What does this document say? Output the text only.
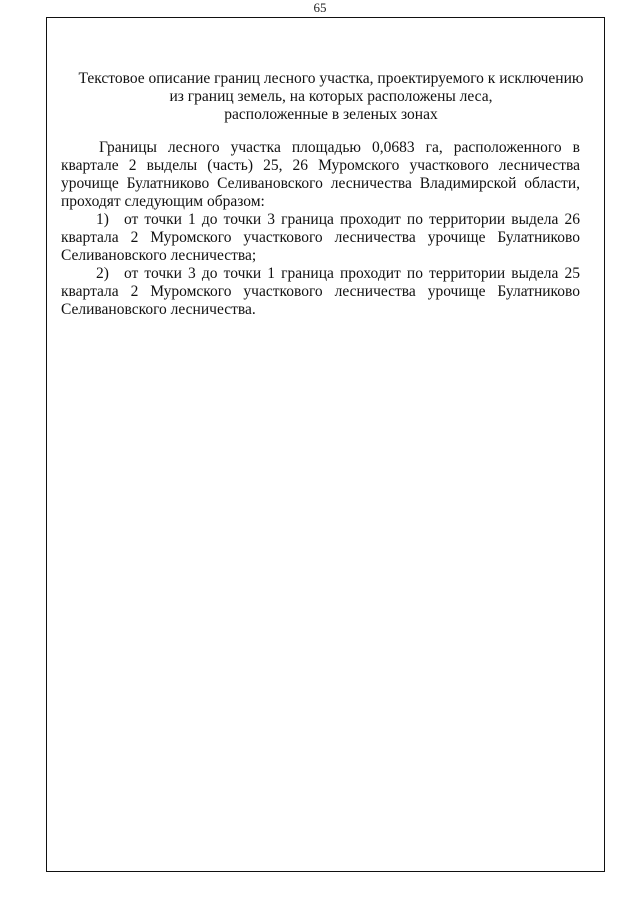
65
Текстовое описание границ лесного участка, проектируемого к исключению
из границ земель, на которых расположены леса,
расположенные в зеленых зонах

Границы лесного участка площадью 0,0683 га, расположенного в квартале 2 выделы (часть) 25, 26 Муромского участкового лесничества урочище Булатниково Селивановского лесничества Владимирской области, проходят следующим образом:

1) от точки 1 до точки 3 граница проходит по территории выдела 26 квартала 2 Муромского участкового лесничества урочище Булатниково Селивановского лесничества;

2) от точки 3 до точки 1 граница проходит по территории выдела 25 квартала 2 Муромского участкового лесничества урочище Булатниково Селивановского лесничества.
